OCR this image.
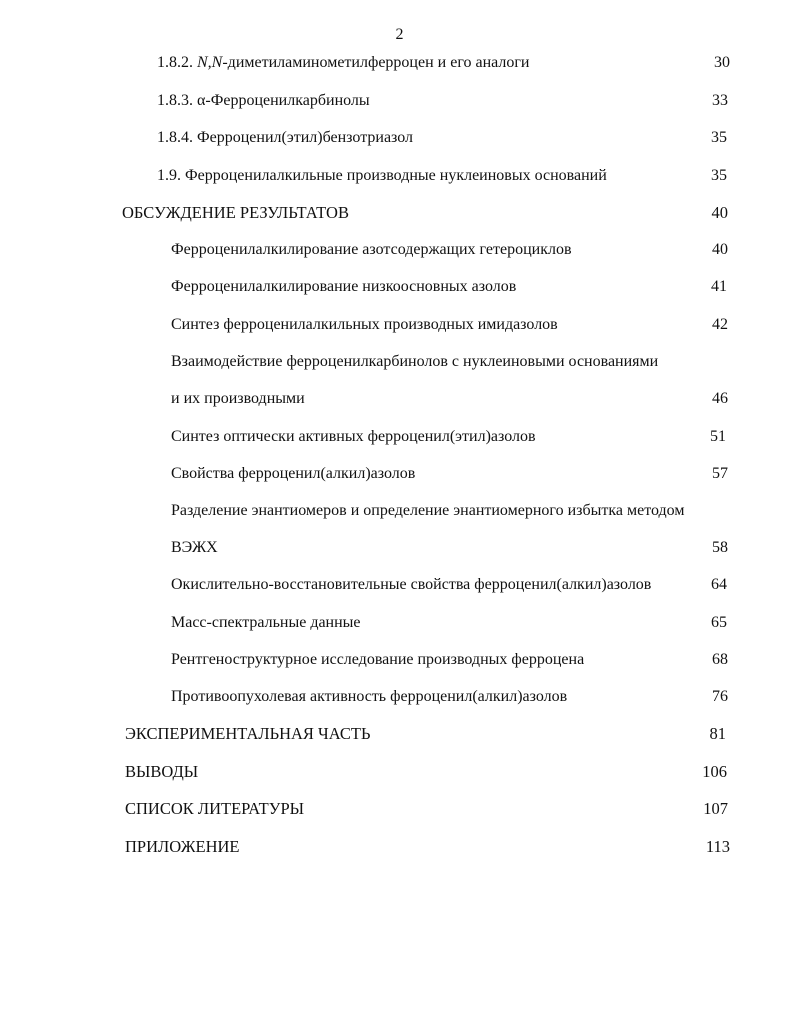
2
1.8.2. N,N-диметиламинометилферроцен и его аналоги	30
1.8.3. α-Ферроценилкарбинолы	33
1.8.4. Ферроценил(этил)бензотриазол	35
1.9. Ферроценилалкильные производные нуклеиновых оснований	35
ОБСУЖДЕНИЕ РЕЗУЛЬТАТОВ	40
Ферроценилалкилирование азотсодержащих гетероциклов	40
Ферроценилалкилирование низкоосновных азолов	41
Синтез ферроценилалкильных производных имидазолов	42
Взаимодействие ферроценилкарбинолов с нуклеиновыми основаниями
и их производными	46
Синтез оптически активных ферроценил(этил)азолов	51
Свойства ферроценил(алкил)азолов	57
Разделение энантиомеров и определение энантиомерного избытка методом
ВЭЖХ	58
Окислительно-восстановительные свойства ферроценил(алкил)азолов	64
Масс-спектральные данные	65
Рентгеноструктурное исследование производных ферроцена	68
Противоопухолевая активность ферроценил(алкил)азолов	76
ЭКСПЕРИМЕНТАЛЬНАЯ ЧАСТЬ	81
ВЫВОДЫ	106
СПИСОК ЛИТЕРАТУРЫ	107
ПРИЛОЖЕНИЕ	113
